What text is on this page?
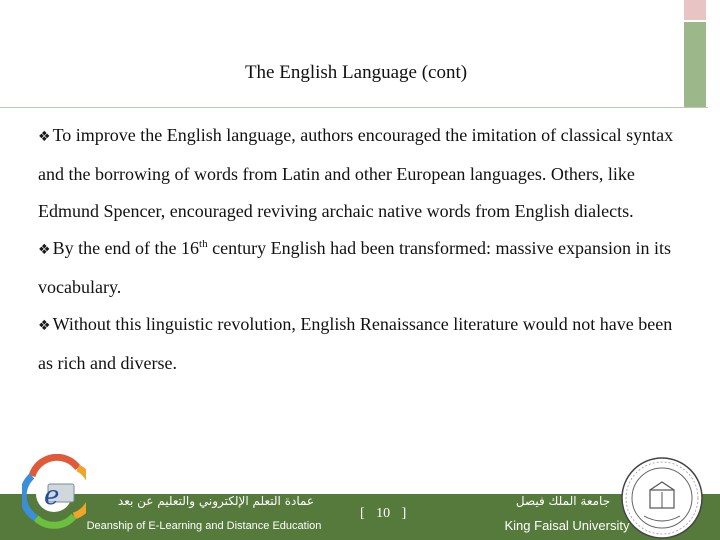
The English Language (cont)

❖ To improve the English language, authors encouraged the imitation of classical syntax and the borrowing of words from Latin and other European languages. Others, like Edmund Spencer, encouraged reviving archaic native words from English dialects.

❖ By the end of the 16th century English had been transformed: massive expansion in its vocabulary.

❖ Without this linguistic revolution, English Renaissance literature would not have been as rich and diverse.

e	عمادة التعلم الإلكتروني والتعليم عن بعد
Deanship of E-Learning and Distance Education
[ 10 ]
جامعة الملك فيصل
King Faisal University
